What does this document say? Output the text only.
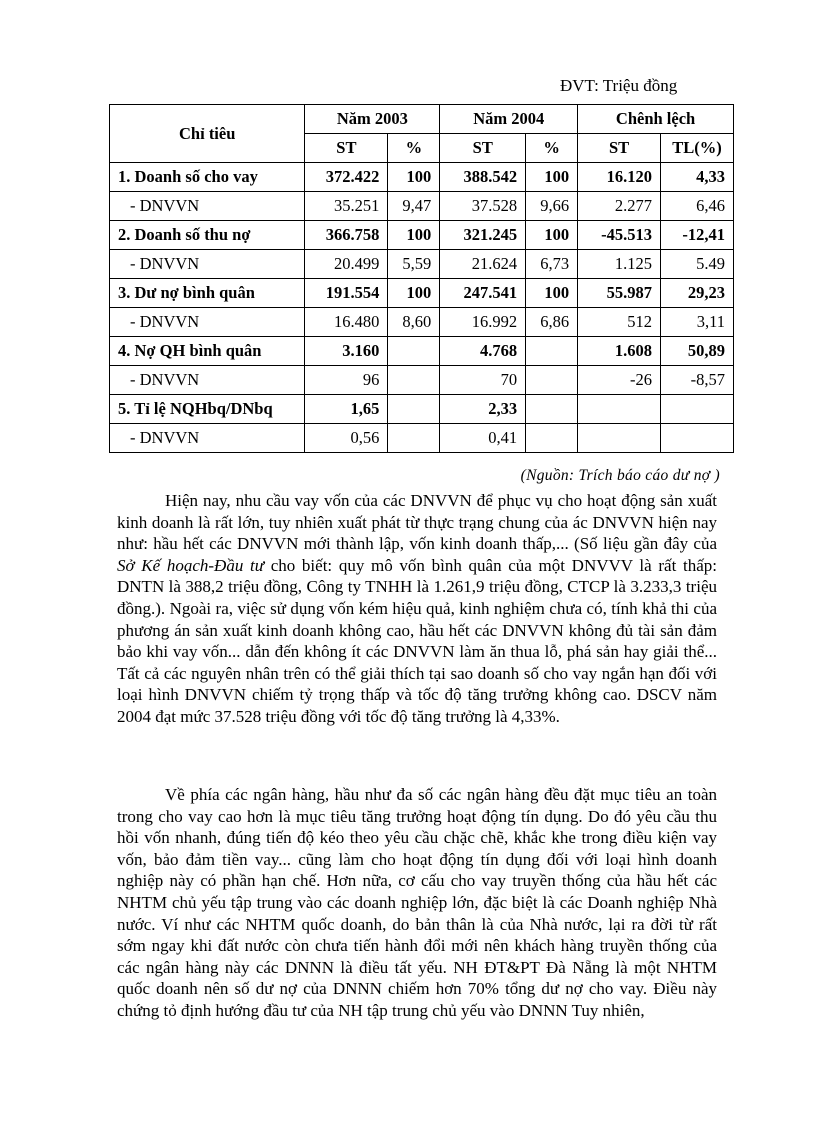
ĐVT: Triệu đồng
Chỉ tiêu	Năm 2003		Năm 2004		Chênh lệch	
	ST	%	ST	%	ST	TL(%)
1. Doanh số cho vay	372.422	100	388.542	100	16.120	4,33
- DNVVN	35.251	9,47	37.528	9,66	2.277	6,46
2. Doanh số thu nợ	366.758	100	321.245	100	-45.513	-12,41
- DNVVN	20.499	5,59	21.624	6,73	1.125	5.49
3. Dư nợ bình quân	191.554	100	247.541	100	55.987	29,23
- DNVVN	16.480	8,60	16.992	6,86	512	3,11
4. Nợ QH bình quân	3.160		4.768		1.608	50,89
- DNVVN	96		70		-26	-8,57
5. Tỉ lệ NQHbq/DNbq	1,65		2,33			
- DNVVN	0,56		0,41			
(Nguồn: Trích báo cáo dư nợ )

Hiện nay, nhu cầu vay vốn của các DNVVN để phục vụ cho hoạt động sản xuất kinh doanh là rất lớn, tuy nhiên xuất phát từ thực trạng chung của ác DNVVN hiện nay như: hầu hết các DNVVN mới thành lập, vốn kinh doanh thấp,... (Số liệu gần đây của Sở Kế hoạch-Đầu tư cho biết: quy mô vốn bình quân của một DNVVV là rất thấp: DNTN là 388,2 triệu đồng, Công ty TNHH là 1.261,9 triệu đồng, CTCP là 3.233,3 triệu đồng.). Ngoài ra, việc sử dụng vốn kém hiệu quả, kinh nghiệm chưa có, tính khả thi của phương án sản xuất kinh doanh không cao, hầu hết các DNVVN không đủ tài sản đảm bảo khi vay vốn... dẫn đến không ít các DNVVN làm ăn thua lỗ, phá sản hay giải thể... Tất cả các nguyên nhân trên có thể giải thích tại sao doanh số cho vay ngắn hạn đối với loại hình DNVVN chiếm tỷ trọng thấp và tốc độ tăng trưởng không cao. DSCV năm 2004 đạt mức 37.528 triệu đồng với tốc độ tăng trưởng là 4,33%.

Về phía các ngân hàng, hầu như đa số các ngân hàng đều đặt mục tiêu an toàn trong cho vay cao hơn là mục tiêu tăng trưởng hoạt động tín dụng. Do đó yêu cầu thu hồi vốn nhanh, đúng tiến độ kéo theo yêu cầu chặc chẽ, khắc khe trong điều kiện vay vốn, bảo đảm tiền vay... cũng làm cho hoạt động tín dụng đối với loại hình doanh nghiệp này có phần hạn chế. Hơn nữa, cơ cấu cho vay truyền thống của hầu hết các NHTM chủ yếu tập trung vào các doanh nghiệp lớn, đặc biệt là các Doanh nghiệp Nhà nước. Ví như các NHTM quốc doanh, do bản thân là của Nhà nước, lại ra đời từ rất sớm ngay khi đất nước còn chưa tiến hành đổi mới nên khách hàng truyền thống của các ngân hàng này các DNNN là điều tất yếu. NH ĐT&PT Đà Nẵng là một NHTM quốc doanh nên số dư nợ của DNNN chiếm hơn 70% tổng dư nợ cho vay. Điều này chứng tỏ định hướng đầu tư của NH tập trung chủ yếu vào DNNN Tuy nhiên,
